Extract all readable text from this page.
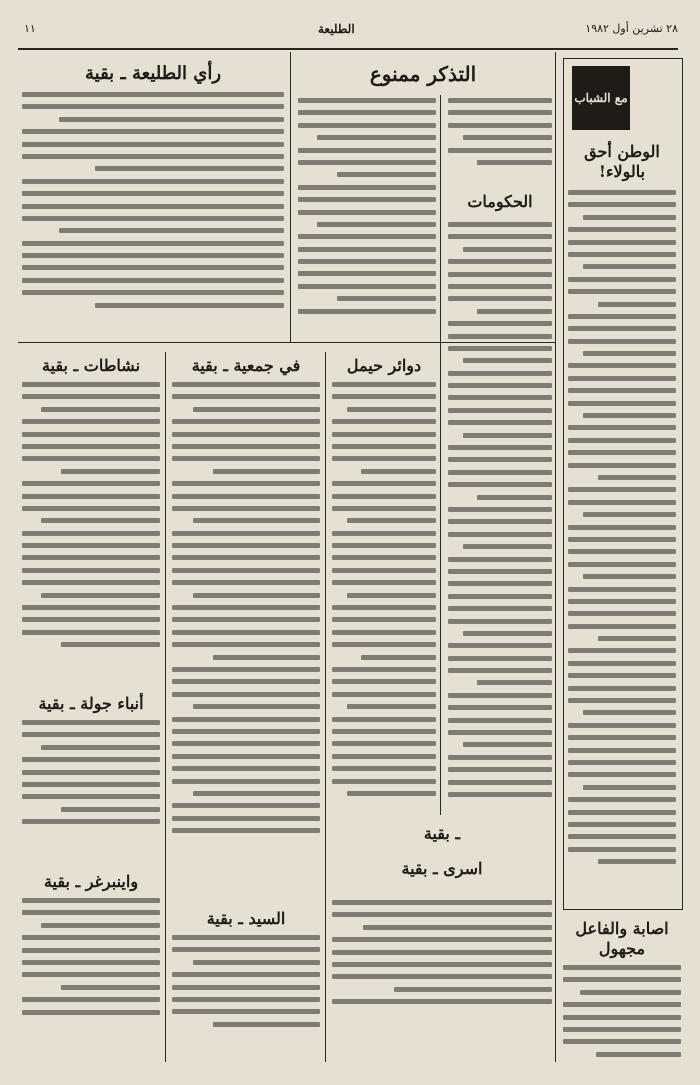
٢٨ تشرين أول ١٩٨٢
الطليعة
١١
مع الشباب
الوطن أحق بالولاء!
اصابة والفاعل مجهول
التذكر ممنوع
الحكومات
رأي الطليعة ـ بقية
دوائر حيمل
في جمعية ـ بقية
السيد ـ بقية
نشاطات ـ بقية
أنباء جولة ـ بقية
واينبرغر ـ بقية
ـ بقية
اسرى ـ بقية
